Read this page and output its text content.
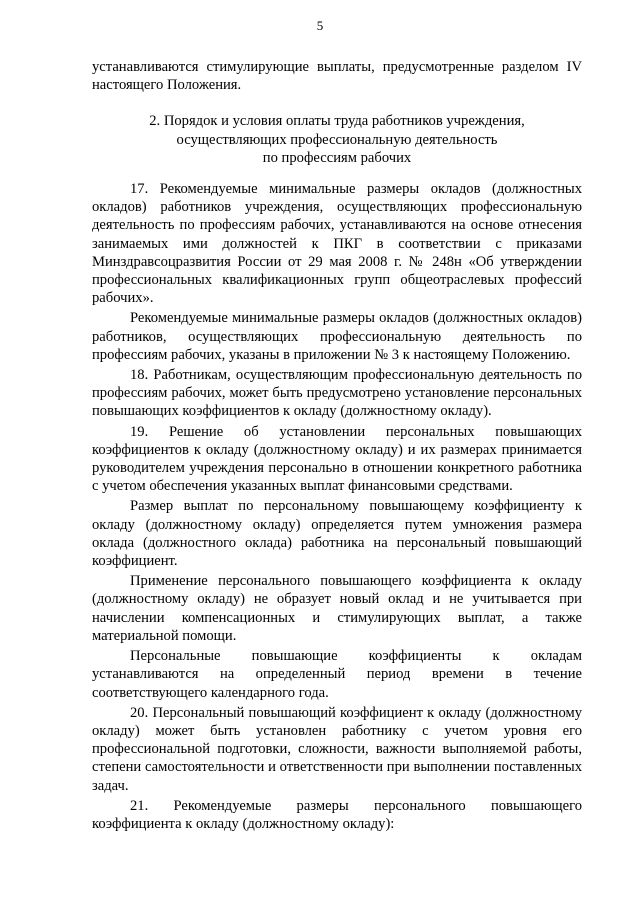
5

устанавливаются стимулирующие выплаты, предусмотренные разделом IV настоящего Положения.

2. Порядок и условия оплаты труда работников учреждения,
осуществляющих профессиональную деятельность
по профессиям рабочих

17. Рекомендуемые минимальные размеры окладов (должностных окладов) работников учреждения, осуществляющих профессиональную деятельность по профессиям рабочих, устанавливаются на основе отнесения занимаемых ими должностей к ПКГ в соответствии с приказами Минздравсоцразвития России от 29 мая 2008 г. № 248н «Об утверждении профессиональных квалификационных групп общеотраслевых профессий рабочих».

Рекомендуемые минимальные размеры окладов (должностных окладов) работников, осуществляющих профессиональную деятельность по профессиям рабочих, указаны в приложении № 3 к настоящему Положению.

18. Работникам, осуществляющим профессиональную деятельность по профессиям рабочих, может быть предусмотрено установление персональных повышающих коэффициентов к окладу (должностному окладу).

19. Решение об установлении персональных повышающих коэффициентов к окладу (должностному окладу) и их размерах принимается руководителем учреждения персонально в отношении конкретного работника с учетом обеспечения указанных выплат финансовыми средствами.

Размер выплат по персональному повышающему коэффициенту к окладу (должностному окладу) определяется путем умножения размера оклада (должностного оклада) работника на персональный повышающий коэффициент.

Применение персонального повышающего коэффициента к окладу (должностному окладу) не образует новый оклад и не учитывается при начислении компенсационных и стимулирующих выплат, а также материальной помощи.

Персональные повышающие коэффициенты к окладам устанавливаются на определенный период времени в течение соответствующего календарного года.

20. Персональный повышающий коэффициент к окладу (должностному окладу) может быть установлен работнику с учетом уровня его профессиональной подготовки, сложности, важности выполняемой работы, степени самостоятельности и ответственности при выполнении поставленных задач.

21. Рекомендуемые размеры персонального повышающего коэффициента к окладу (должностному окладу):
